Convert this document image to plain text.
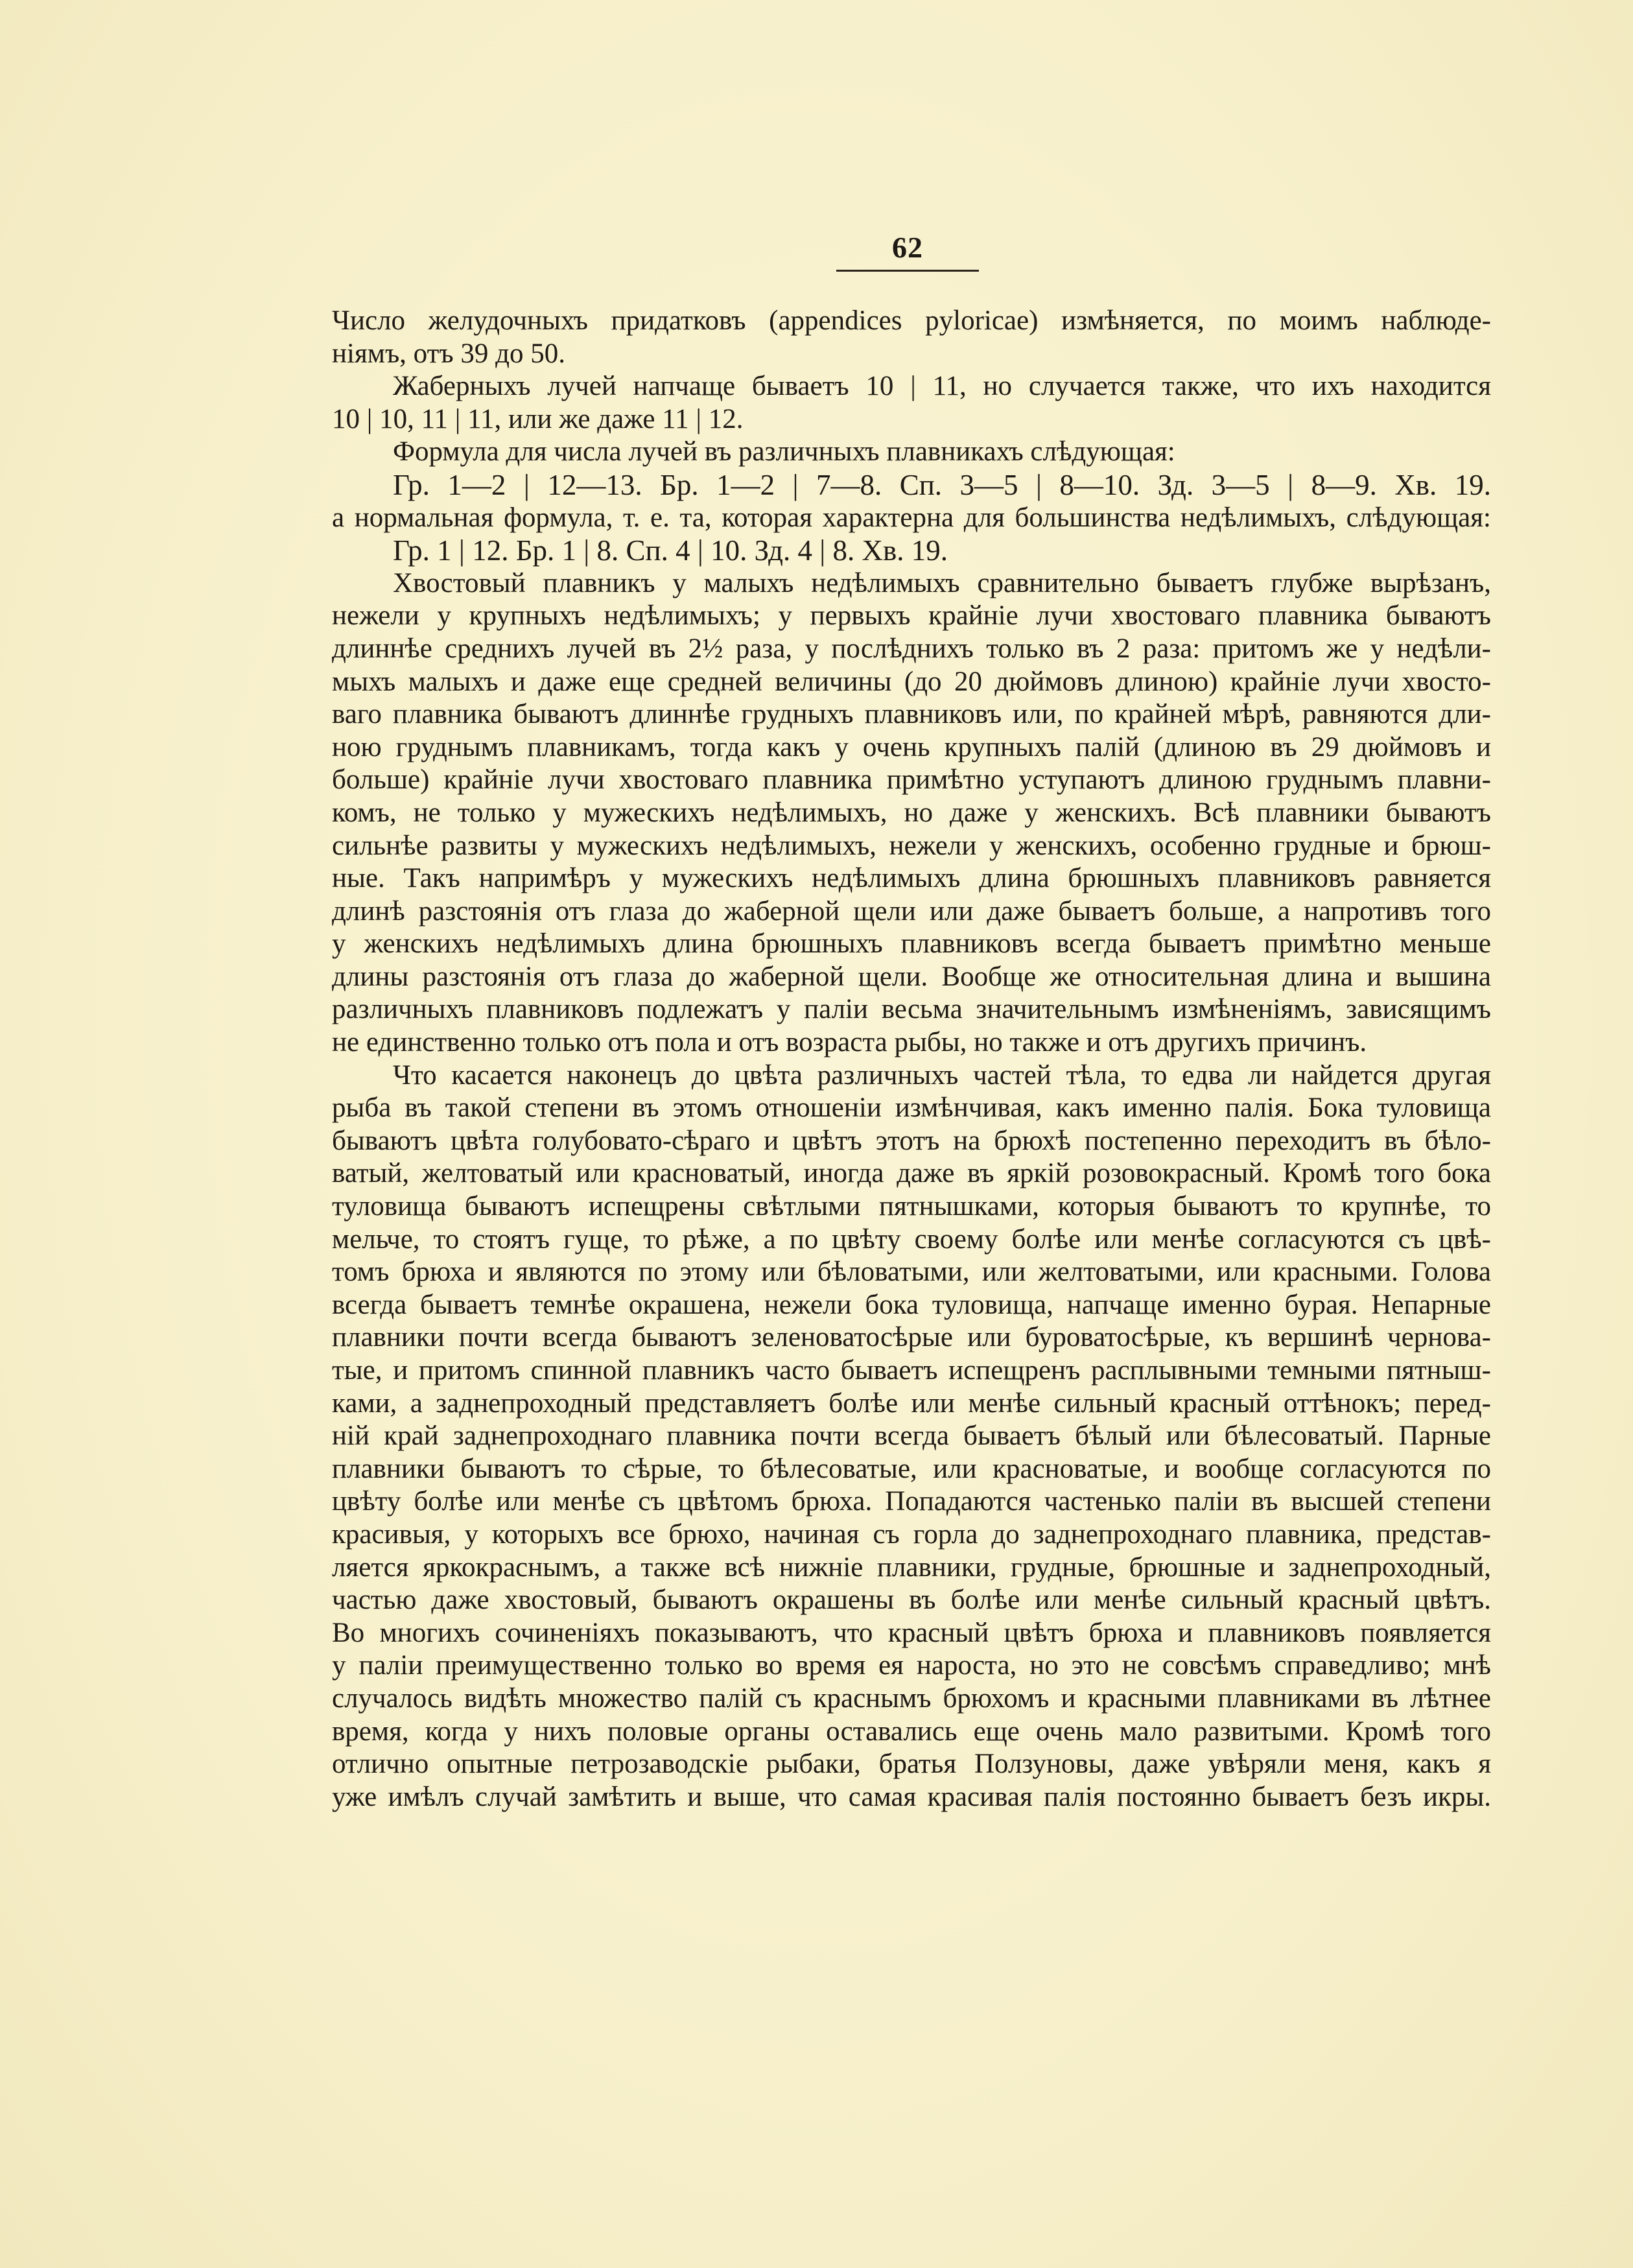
62
Число желудочныхъ придатковъ (appendices pyloricae) измѣняется, по моимъ наблюде-
ніямъ, отъ 39 до 50.
Жаберныхъ лучей напчаще бываетъ 10 | 11, но случается также, что ихъ находится
10 | 10, 11 | 11, или же даже 11 | 12.
Формула для числа лучей въ различныхъ плавникахъ слѣдующая:
Гр. 1—2 | 12—13. Бр. 1—2 | 7—8. Сп. 3—5 | 8—10. Зд. 3—5 | 8—9. Хв. 19.
а нормальная формула, т. е. та, которая характерна для большинства недѣлимыхъ, слѣдующая:
Гр. 1 | 12. Бр. 1 | 8. Сп. 4 | 10. Зд. 4 | 8. Хв. 19.
Хвостовый плавникъ у малыхъ недѣлимыхъ сравнительно бываетъ глубже вырѣзанъ,
нежели у крупныхъ недѣлимыхъ; у первыхъ крайніе лучи хвостоваго плавника бываютъ
длиннѣе среднихъ лучей въ 2½ раза, у послѣднихъ только въ 2 раза: притомъ же у недѣли-
мыхъ малыхъ и даже еще средней величины (до 20 дюймовъ длиною) крайніе лучи хвосто-
ваго плавника бываютъ длиннѣе грудныхъ плавниковъ или, по крайней мѣрѣ, равняются дли-
ною груднымъ плавникамъ, тогда какъ у очень крупныхъ палій (длиною въ 29 дюймовъ и
больше) крайніе лучи хвостоваго плавника примѣтно уступаютъ длиною груднымъ плавни-
комъ, не только у мужескихъ недѣлимыхъ, но даже у женскихъ. Всѣ плавники бываютъ
сильнѣе развиты у мужескихъ недѣлимыхъ, нежели у женскихъ, особенно грудные и брюш-
ные. Такъ напримѣръ у мужескихъ недѣлимыхъ длина брюшныхъ плавниковъ равняется
длинѣ разстоянія отъ глаза до жаберной щели или даже бываетъ больше, а напротивъ того
у женскихъ недѣлимыхъ длина брюшныхъ плавниковъ всегда бываетъ примѣтно меньше
длины разстоянія отъ глаза до жаберной щели. Вообще же относительная длина и вышина
различныхъ плавниковъ подлежатъ у паліи весьма значительнымъ измѣненіямъ, зависящимъ
не единственно только отъ пола и отъ возраста рыбы, но также и отъ другихъ причинъ.
Что касается наконецъ до цвѣта различныхъ частей тѣла, то едва ли найдется другая
рыба въ такой степени въ этомъ отношеніи измѣнчивая, какъ именно палія. Бока туловища
бываютъ цвѣта голубовато-сѣраго и цвѣтъ этотъ на брюхѣ постепенно переходитъ въ бѣло-
ватый, желтоватый или красноватый, иногда даже въ яркій розовокрасный. Кромѣ того бока
туловища бываютъ испещрены свѣтлыми пятнышками, которыя бываютъ то крупнѣе, то
мельче, то стоятъ гуще, то рѣже, а по цвѣту своему болѣе или менѣе согласуются съ цвѣ-
томъ брюха и являются по этому или бѣловатыми, или желтоватыми, или красными. Голова
всегда бываетъ темнѣе окрашена, нежели бока туловища, напчаще именно бурая. Непарные
плавники почти всегда бываютъ зеленоватосѣрые или буроватосѣрые, къ вершинѣ чернова-
тые, и притомъ спинной плавникъ часто бываетъ испещренъ расплывными темными пятныш-
ками, а заднепроходный представляетъ болѣе или менѣе сильный красный оттѣнокъ; перед-
ній край заднепроходнаго плавника почти всегда бываетъ бѣлый или бѣлесоватый. Парные
плавники бываютъ то сѣрые, то бѣлесоватые, или красноватые, и вообще согласуются по
цвѣту болѣе или менѣе съ цвѣтомъ брюха. Попадаются частенько паліи въ высшей степени
красивыя, у которыхъ все брюхо, начиная съ горла до заднепроходнаго плавника, представ-
ляется яркокраснымъ, а также всѣ нижніе плавники, грудные, брюшные и заднепроходный,
частью даже хвостовый, бываютъ окрашены въ болѣе или менѣе сильный красный цвѣтъ.
Во многихъ сочиненіяхъ показываютъ, что красный цвѣтъ брюха и плавниковъ появляется
у паліи преимущественно только во время ея нароста, но это не совсѣмъ справедливо; мнѣ
случалось видѣть множество палій съ краснымъ брюхомъ и красными плавниками въ лѣтнее
время, когда у нихъ половые органы оставались еще очень мало развитыми. Кромѣ того
отлично опытные петрозаводскіе рыбаки, братья Ползуновы, даже увѣряли меня, какъ я
уже имѣлъ случай замѣтить и выше, что самая красивая палія постоянно бываетъ безъ икры.
